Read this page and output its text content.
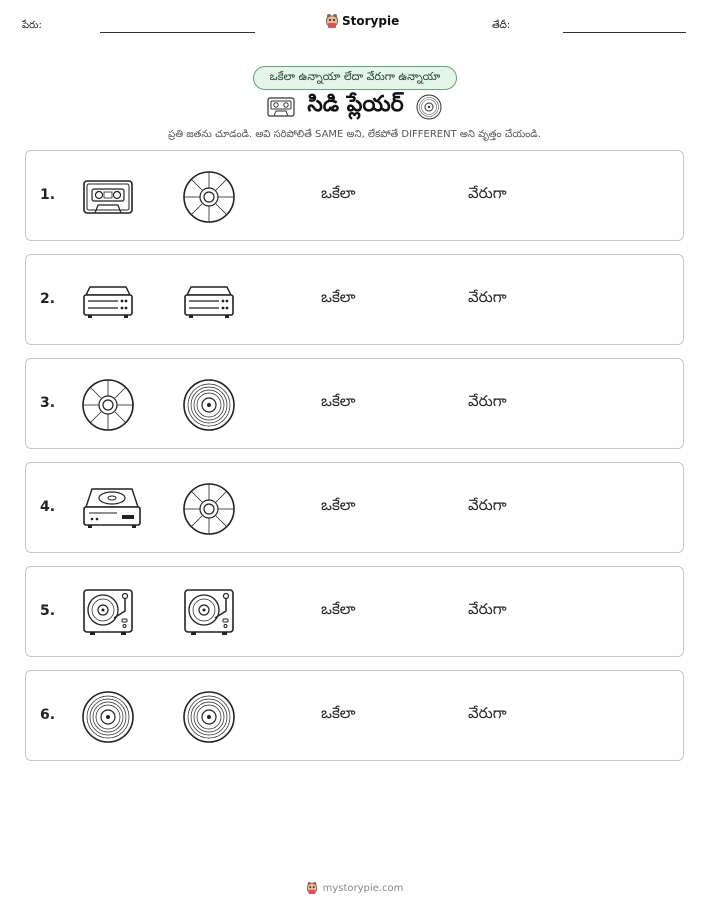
పేరు:	Storypie	తేదీ:
ఒకేలా ఉన్నాయా లేదా వేరుగా ఉన్నాయా
సిడి ప్లేయర్
ప్రతి జతను చూడండి. అవి సరిపోలితే SAME అని, లేకపోతే DIFFERENT అని వృత్తం చేయండి.
1.	ఒకేలా	వేరుగా
2.	ఒకేలా	వేరుగా
3.	ఒకేలా	వేరుగా
4.	ఒకేలా	వేరుగా
5.	ఒకేలా	వేరుగా
6.	ఒకేలా	వేరుగా
mystorypie.com
